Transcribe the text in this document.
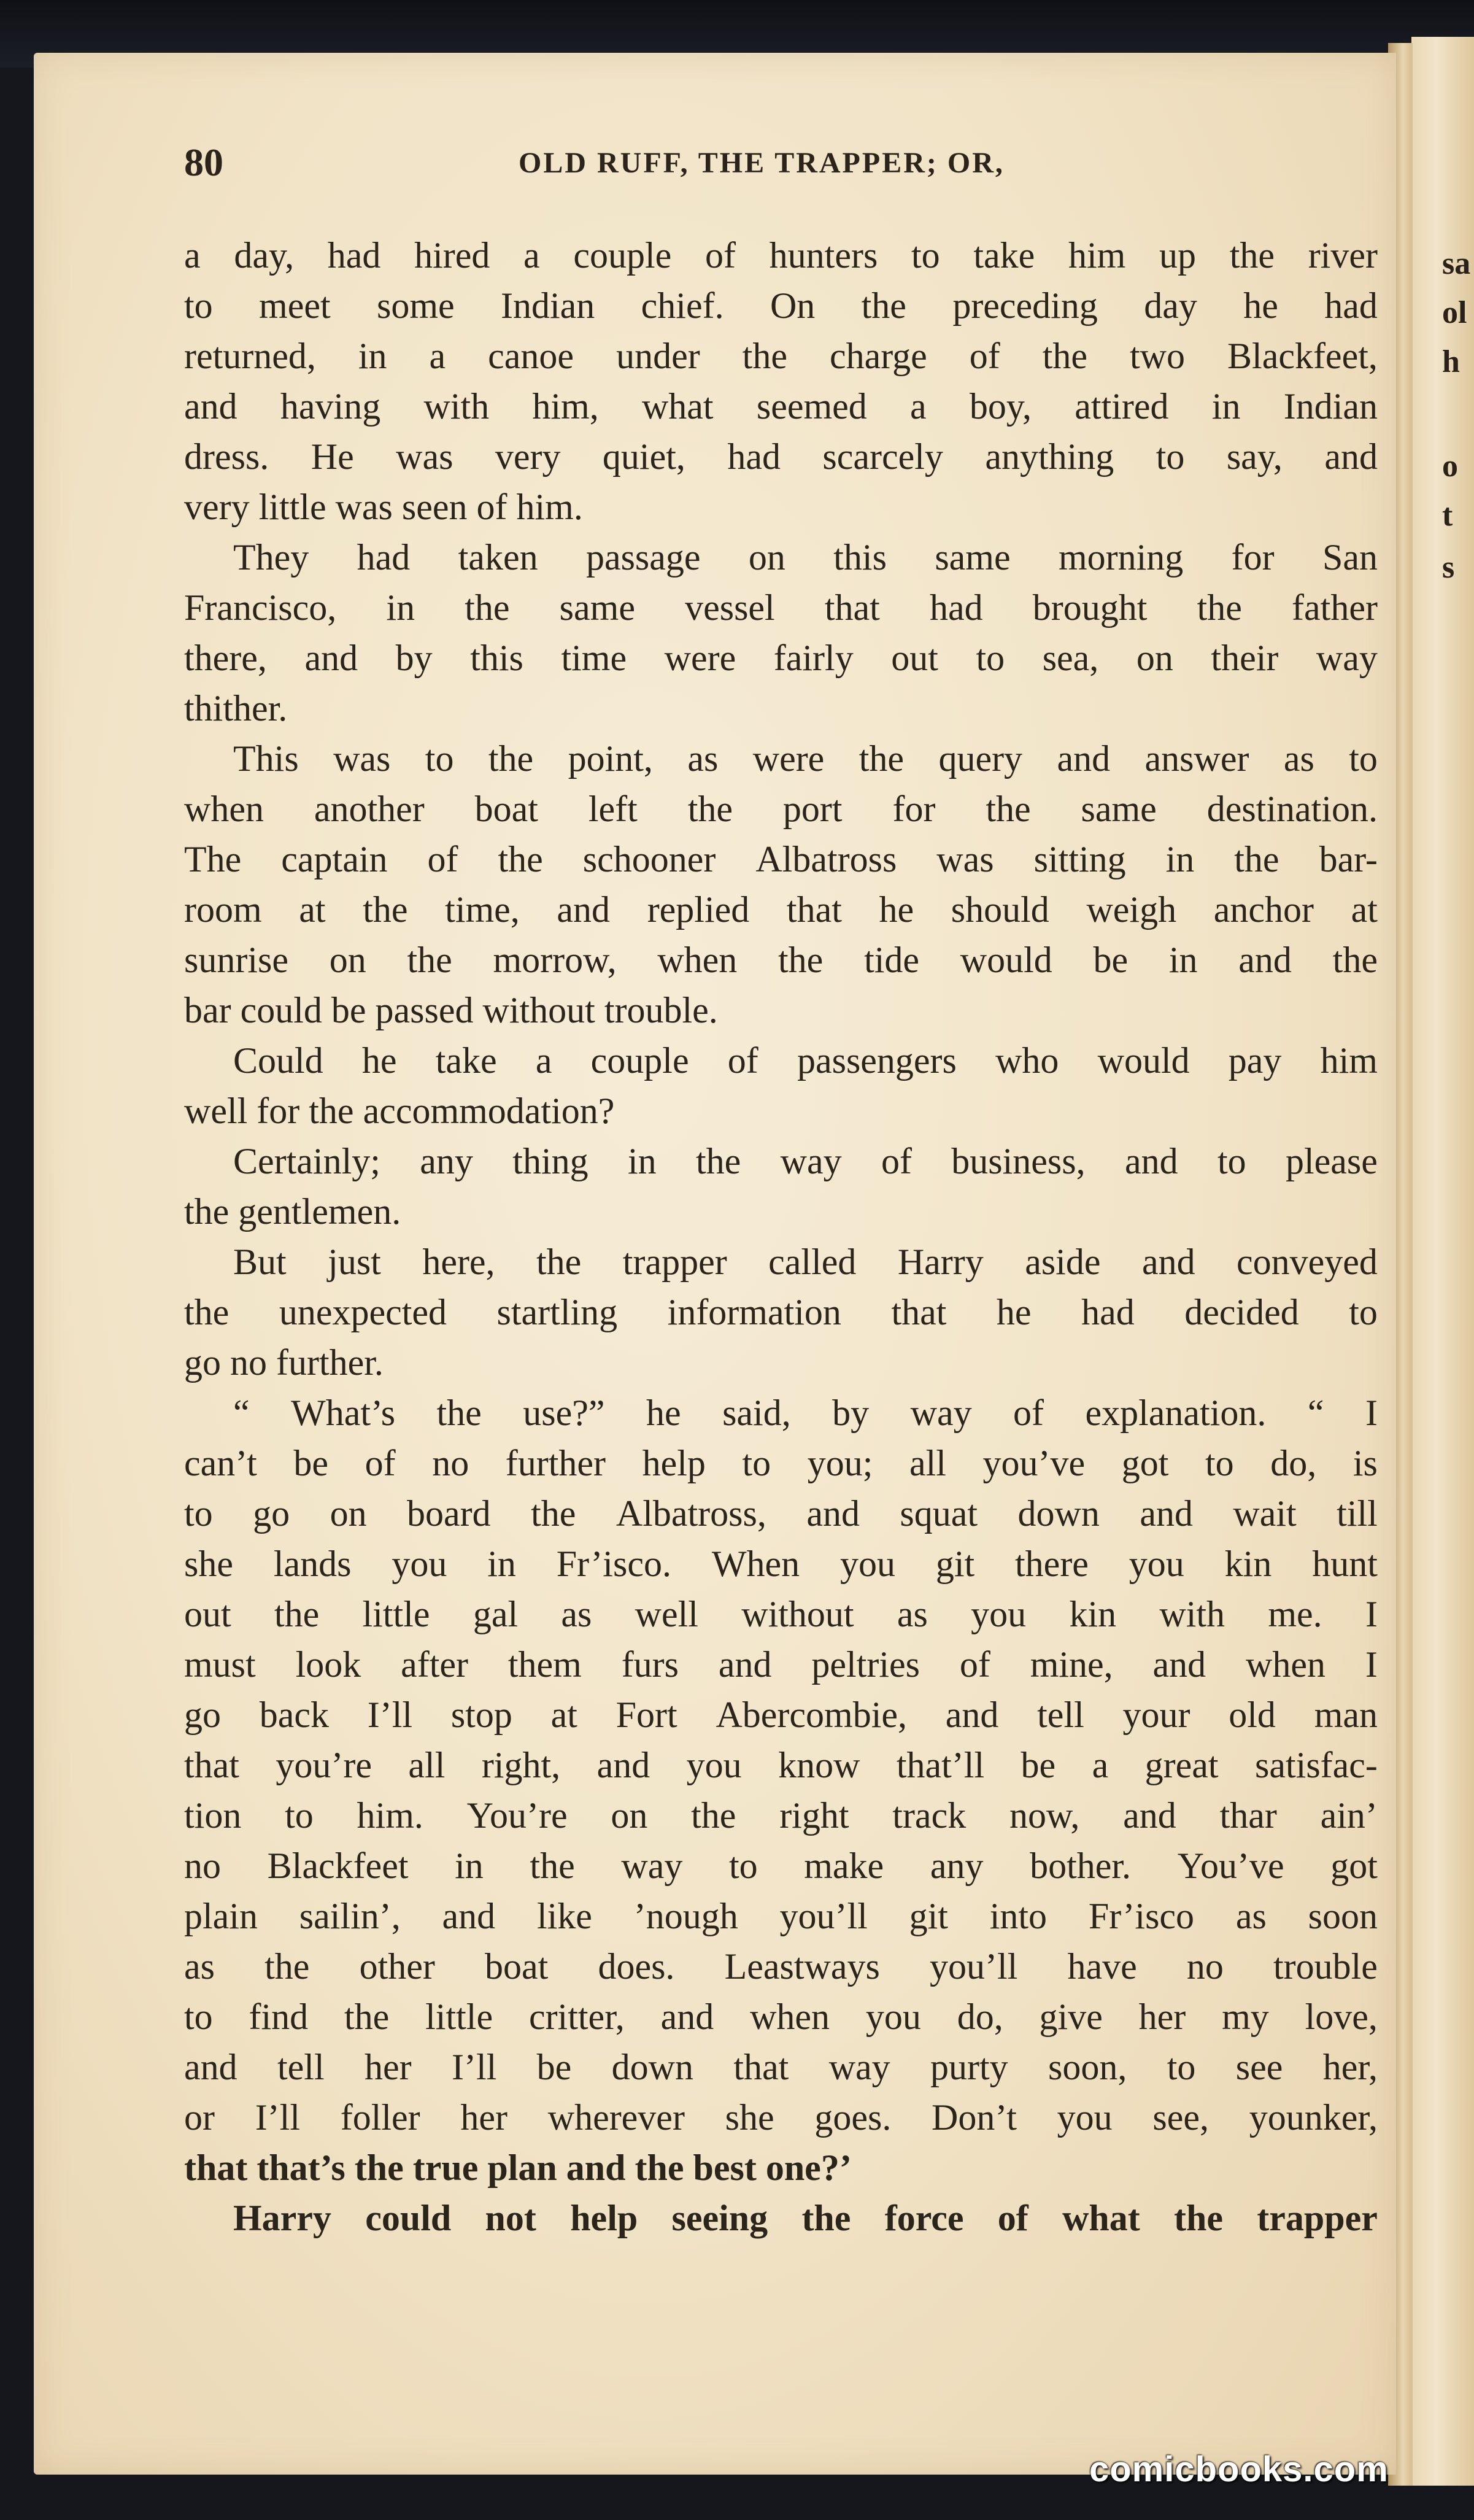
sa
ol
h
o
t
s
80	OLD RUFF, THE TRAPPER; OR,
a day, had hired a couple of hunters to take him up the river
to meet some Indian chief. On the preceding day he had
returned, in a canoe under the charge of the two Blackfeet,
and having with him, what seemed a boy, attired in Indian
dress. He was very quiet, had scarcely anything to say, and
very little was seen of him.
They had taken passage on this same morning for San
Francisco, in the same vessel that had brought the father
there, and by this time were fairly out to sea, on their way
thither.
This was to the point, as were the query and answer as to
when another boat left the port for the same destination.
The captain of the schooner Albatross was sitting in the bar-
room at the time, and replied that he should weigh anchor at
sunrise on the morrow, when the tide would be in and the
bar could be passed without trouble.
Could he take a couple of passengers who would pay him
well for the accommodation?
Certainly; any thing in the way of business, and to please
the gentlemen.
But just here, the trapper called Harry aside and conveyed
the unexpected startling information that he had decided to
go no further.
“ What’s the use?” he said, by way of explanation. “ I
can’t be of no further help to you; all you’ve got to do, is
to go on board the Albatross, and squat down and wait till
she lands you in Fr’isco. When you git there you kin hunt
out the little gal as well without as you kin with me. I
must look after them furs and peltries of mine, and when I
go back I’ll stop at Fort Abercombie, and tell your old man
that you’re all right, and you know that’ll be a great satisfac-
tion to him. You’re on the right track now, and thar ain’
no Blackfeet in the way to make any bother. You’ve got
plain sailin’, and like ’nough you’ll git into Fr’isco as soon
as the other boat does. Leastways you’ll have no trouble
to find the little critter, and when you do, give her my love,
and tell her I’ll be down that way purty soon, to see her,
or I’ll foller her wherever she goes. Don’t you see, younker,
that that’s the true plan and the best one?’
Harry could not help seeing the force of what the trapper
comicbooks.com
